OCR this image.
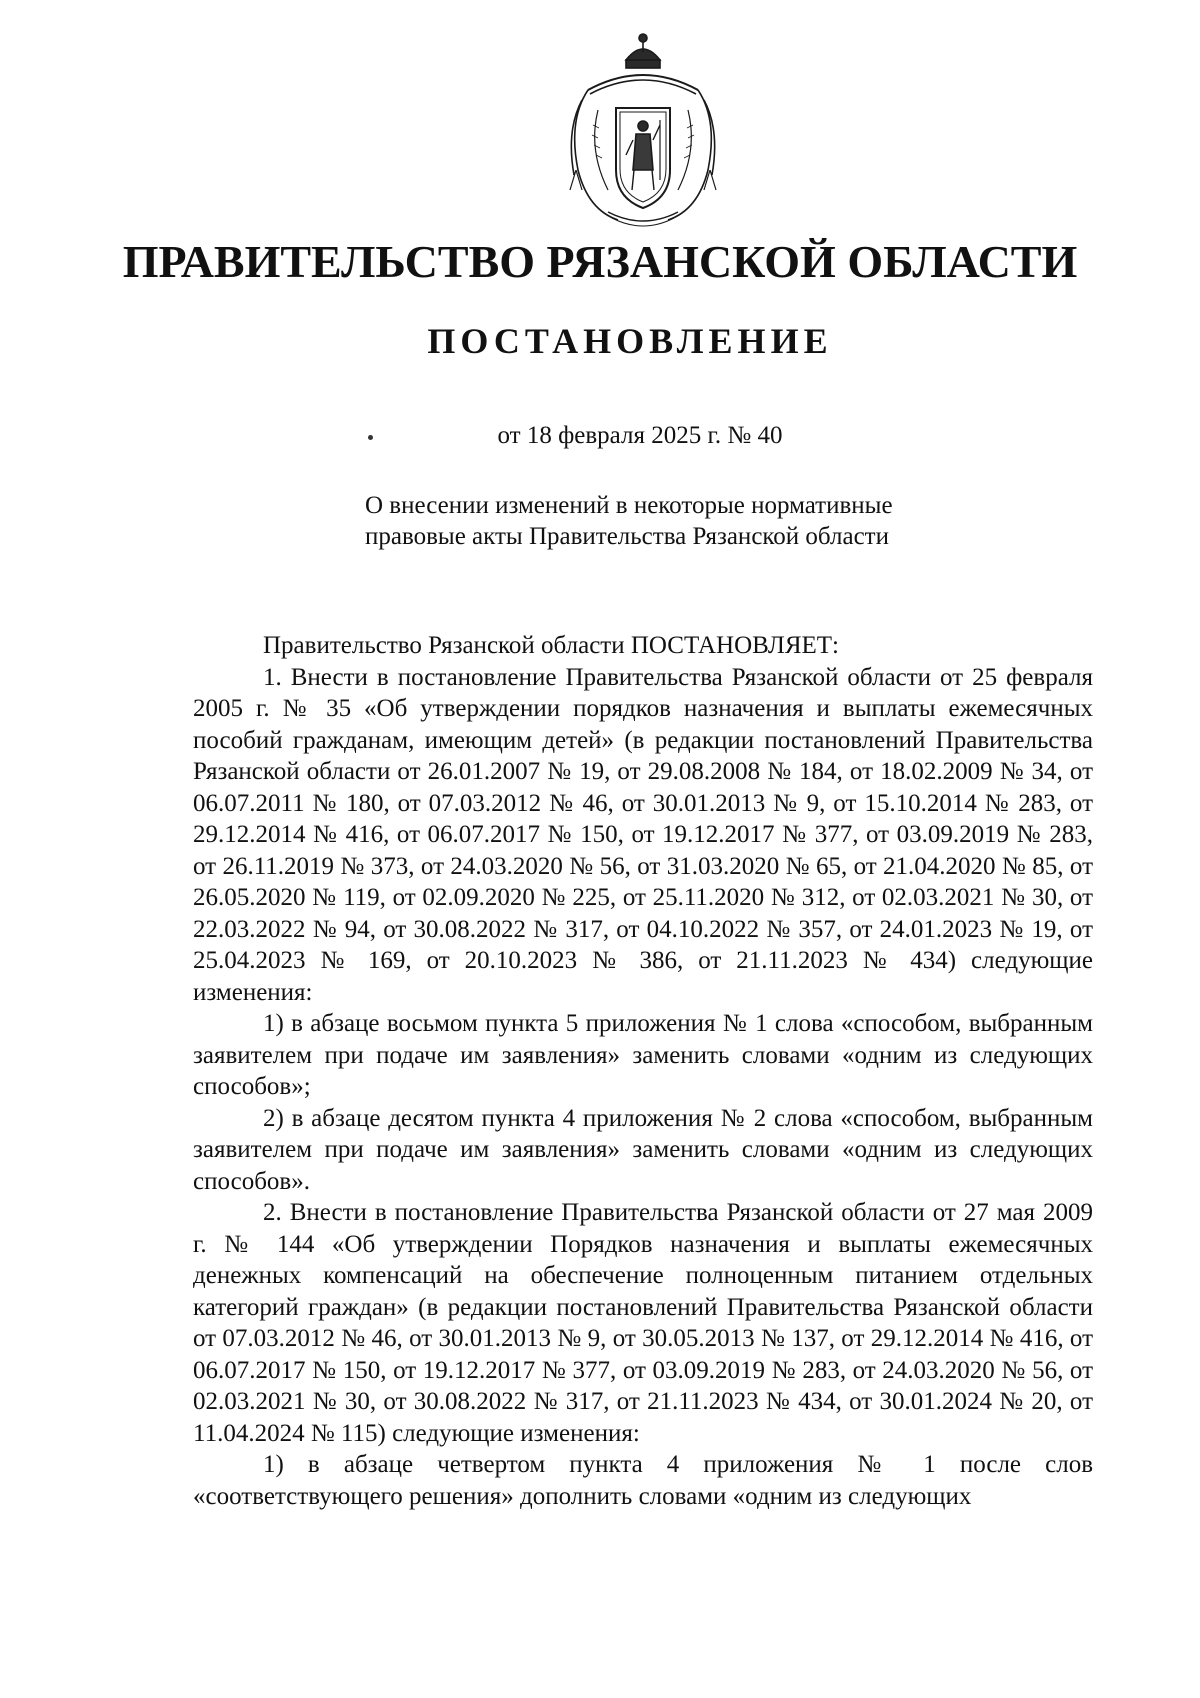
ПРАВИТЕЛЬСТВО РЯЗАНСКОЙ ОБЛАСТИ
ПОСТАНОВЛЕНИЕ
от 18 февраля 2025 г. № 40
О внесении изменений в некоторые нормативные
правовые акты Правительства Рязанской области

Правительство Рязанской области ПОСТАНОВЛЯЕТ:

1. Внести в постановление Правительства Рязанской области от 25 февраля 2005 г. № 35 «Об утверждении порядков назначения и выплаты ежемесячных пособий гражданам, имеющим детей» (в редакции постановлений Правительства Рязанской области от 26.01.2007 № 19, от 29.08.2008 № 184, от 18.02.2009 № 34, от 06.07.2011 № 180, от 07.03.2012 № 46, от 30.01.2013 № 9, от 15.10.2014 № 283, от 29.12.2014 № 416, от 06.07.2017 № 150, от 19.12.2017 № 377, от 03.09.2019 № 283, от 26.11.2019 № 373, от 24.03.2020 № 56, от 31.03.2020 № 65, от 21.04.2020 № 85, от 26.05.2020 № 119, от 02.09.2020 № 225, от 25.11.2020 № 312, от 02.03.2021 № 30, от 22.03.2022 № 94, от 30.08.2022 № 317, от 04.10.2022 № 357, от 24.01.2023 № 19, от 25.04.2023 № 169, от 20.10.2023 № 386, от 21.11.2023 № 434) следующие изменения:

1) в абзаце восьмом пункта 5 приложения № 1 слова «способом, выбранным заявителем при подаче им заявления» заменить словами «одним из следующих способов»;

2) в абзаце десятом пункта 4 приложения № 2 слова «способом, выбранным заявителем при подаче им заявления» заменить словами «одним из следующих способов».

2. Внести в постановление Правительства Рязанской области от 27 мая 2009 г. № 144 «Об утверждении Порядков назначения и выплаты ежемесячных денежных компенсаций на обеспечение полноценным питанием отдельных категорий граждан» (в редакции постановлений Правительства Рязанской области от 07.03.2012 № 46, от 30.01.2013 № 9, от 30.05.2013 № 137, от 29.12.2014 № 416, от 06.07.2017 № 150, от 19.12.2017 № 377, от 03.09.2019 № 283, от 24.03.2020 № 56, от 02.03.2021 № 30, от 30.08.2022 № 317, от 21.11.2023 № 434, от 30.01.2024 № 20, от 11.04.2024 № 115) следующие изменения:

1) в абзаце четвертом пункта 4 приложения № 1 после слов «соответствующего решения» дополнить словами «одним из следующих
